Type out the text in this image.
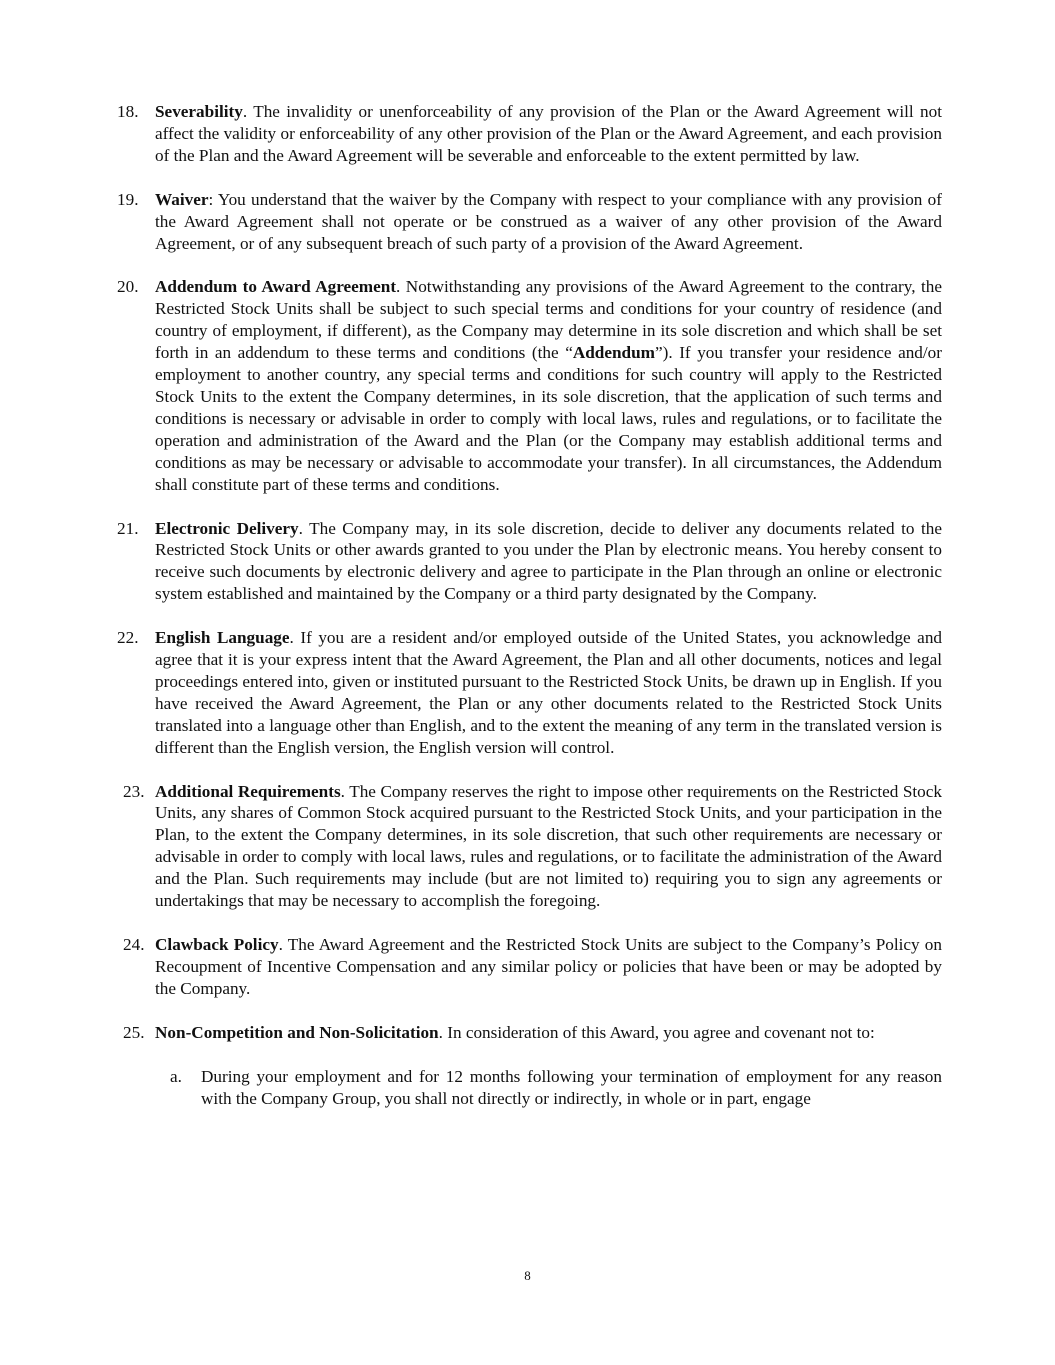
18. Severability. The invalidity or unenforceability of any provision of the Plan or the Award Agreement will not affect the validity or enforceability of any other provision of the Plan or the Award Agreement, and each provision of the Plan and the Award Agreement will be severable and enforceable to the extent permitted by law.

19. Waiver: You understand that the waiver by the Company with respect to your compliance with any provision of the Award Agreement shall not operate or be construed as a waiver of any other provision of the Award Agreement, or of any subsequent breach of such party of a provision of the Award Agreement.

20. Addendum to Award Agreement. Notwithstanding any provisions of the Award Agreement to the contrary, the Restricted Stock Units shall be subject to such special terms and conditions for your country of residence (and country of employment, if different), as the Company may determine in its sole discretion and which shall be set forth in an addendum to these terms and conditions (the “Addendum”). If you transfer your residence and/or employment to another country, any special terms and conditions for such country will apply to the Restricted Stock Units to the extent the Company determines, in its sole discretion, that the application of such terms and conditions is necessary or advisable in order to comply with local laws, rules and regulations, or to facilitate the operation and administration of the Award and the Plan (or the Company may establish additional terms and conditions as may be necessary or advisable to accommodate your transfer). In all circumstances, the Addendum shall constitute part of these terms and conditions.

21. Electronic Delivery. The Company may, in its sole discretion, decide to deliver any documents related to the Restricted Stock Units or other awards granted to you under the Plan by electronic means. You hereby consent to receive such documents by electronic delivery and agree to participate in the Plan through an online or electronic system established and maintained by the Company or a third party designated by the Company.

22. English Language. If you are a resident and/or employed outside of the United States, you acknowledge and agree that it is your express intent that the Award Agreement, the Plan and all other documents, notices and legal proceedings entered into, given or instituted pursuant to the Restricted Stock Units, be drawn up in English. If you have received the Award Agreement, the Plan or any other documents related to the Restricted Stock Units translated into a language other than English, and to the extent the meaning of any term in the translated version is different than the English version, the English version will control.

23. Additional Requirements. The Company reserves the right to impose other requirements on the Restricted Stock Units, any shares of Common Stock acquired pursuant to the Restricted Stock Units, and your participation in the Plan, to the extent the Company determines, in its sole discretion, that such other requirements are necessary or advisable in order to comply with local laws, rules and regulations, or to facilitate the administration of the Award and the Plan. Such requirements may include (but are not limited to) requiring you to sign any agreements or undertakings that may be necessary to accomplish the foregoing.

24. Clawback Policy. The Award Agreement and the Restricted Stock Units are subject to the Company’s Policy on Recoupment of Incentive Compensation and any similar policy or policies that have been or may be adopted by the Company.

25. Non-Competition and Non-Solicitation. In consideration of this Award, you agree and covenant not to:

a. During your employment and for 12 months following your termination of employment for any reason with the Company Group, you shall not directly or indirectly, in whole or in part, engage

8
